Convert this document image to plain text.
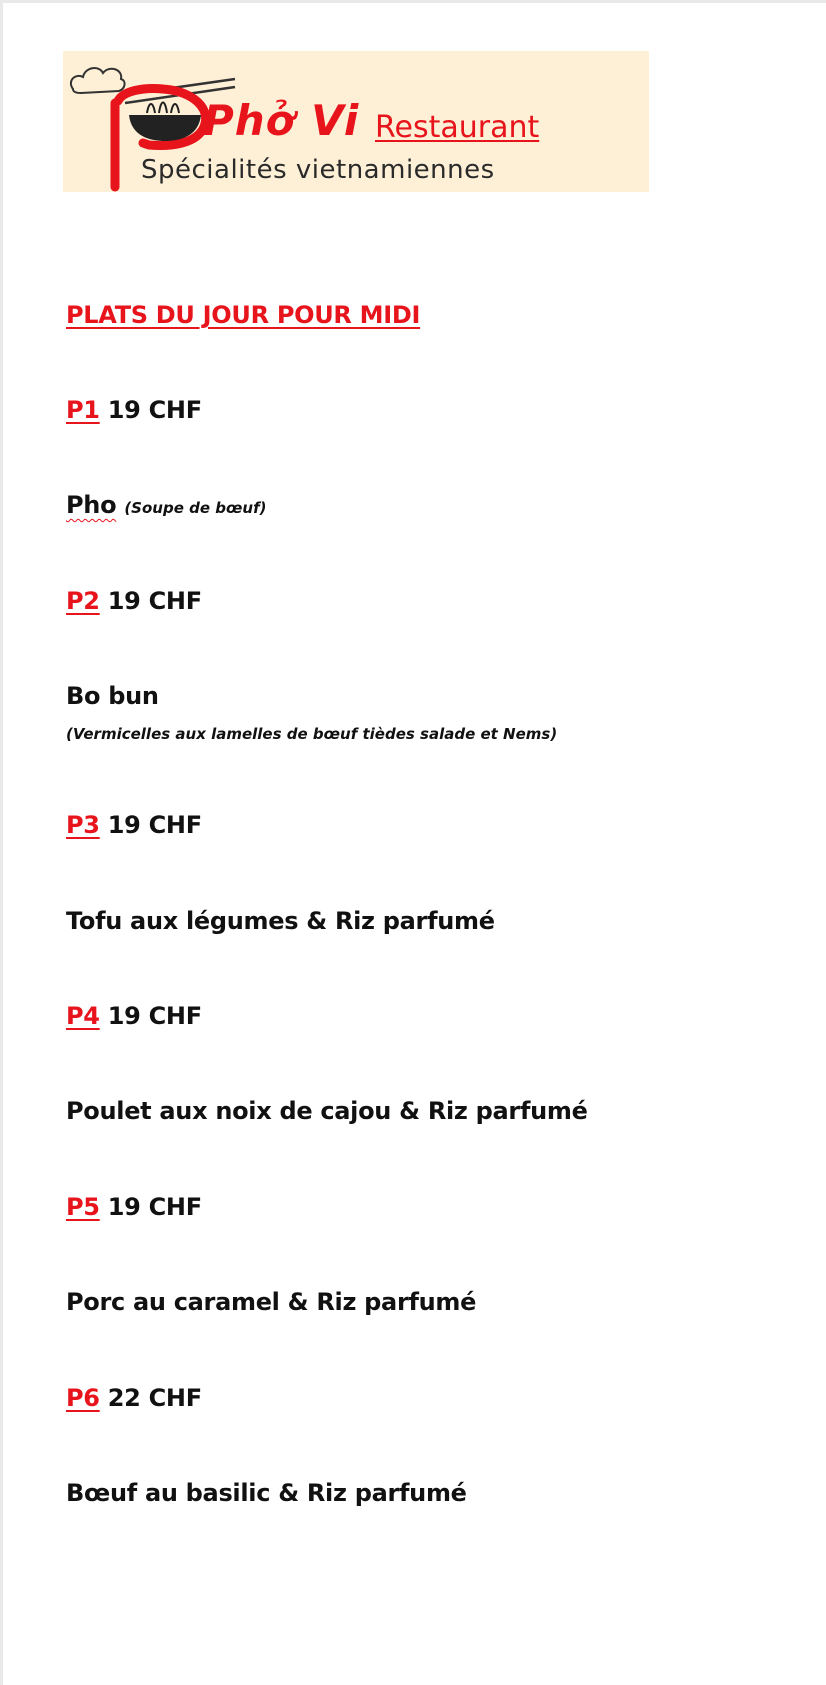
Phở Vi Restaurant
Spécialités vietnamiennes
PLATS DU JOUR POUR MIDI
P1 19 CHF
Pho (Soupe de bœuf)
P2 19 CHF
Bo bun
(Vermicelles aux lamelles de bœuf tièdes salade et Nems)
P3 19 CHF
Tofu aux légumes & Riz parfumé
P4 19 CHF
Poulet aux noix de cajou & Riz parfumé
P5 19 CHF
Porc au caramel & Riz parfumé
P6 22 CHF
Bœuf au basilic & Riz parfumé
